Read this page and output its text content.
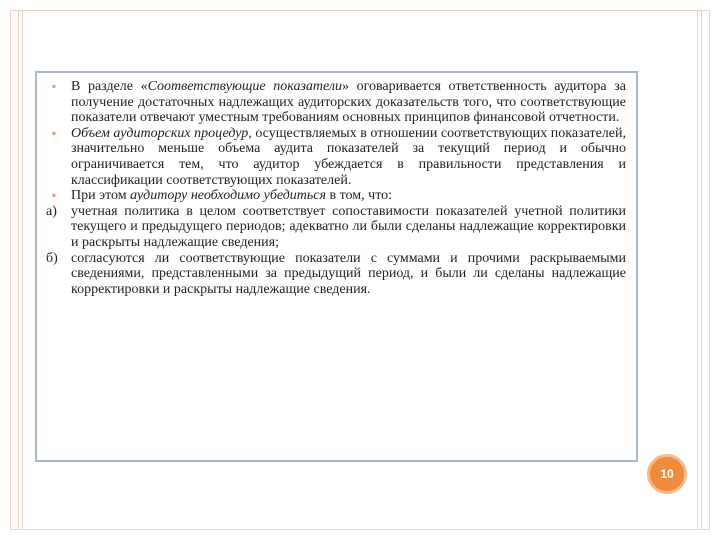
▪	В разделе «Соответствующие показатели» оговаривается ответственность аудитора за получение достаточных надлежащих аудиторских доказательств того, что соответствующие показатели отвечают уместным требованиям основных принципов финансовой отчетности.

▪	Объем аудиторских процедур, осуществляемых в отношении соответствующих показателей, значительно меньше объема аудита показателей за текущий период и обычно ограничивается тем, что аудитор убеждается в правильности представления и классификации соответствующих показателей.

▪	При этом аудитору необходимо убедиться в том, что:

а)	учетная политика в целом соответствует сопоставимости показателей учетной политики текущего и предыдущего периодов; адекватно ли были сделаны надлежащие корректировки и раскрыты надлежащие сведения;

б) согласуются ли соответствующие показатели с суммами и прочими раскрываемыми сведениями, представленными за предыдущий период, и были ли сделаны надлежащие корректировки и раскрыты надлежащие сведения.

10
